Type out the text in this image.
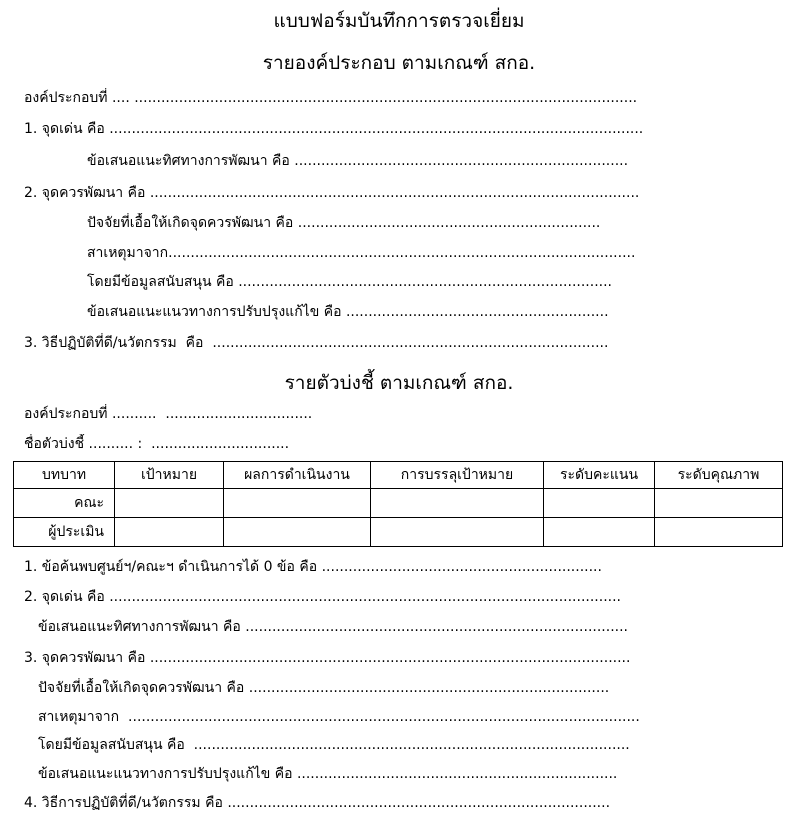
แบบฟอร์มบันทึกการตรวจเยี่ยม
รายองค์ประกอบ ตามเกณฑ์ สกอ.
องค์ประกอบที่ .... .................................................................................................................
1. จุดเด่น คือ ........................................................................................................................
ข้อเสนอแนะทิศทางการพัฒนา คือ ...........................................................................
2. จุดควรพัฒนา คือ ..............................................................................................................
ปัจจัยที่เอื้อให้เกิดจุดควรพัฒนา คือ ....................................................................
สาเหตุมาจาก.........................................................................................................
โดยมีข้อมูลสนับสนุน คือ ....................................................................................
ข้อเสนอแนะแนวทางการปรับปรุงแก้ไข คือ ...........................................................
3. วิธีปฏิบัติที่ดี/นวัตกรรม  คือ  .........................................................................................
รายตัวบ่งชี้ ตามเกณฑ์ สกอ.
องค์ประกอบที่ ..........  .................................
ชื่อตัวบ่งชี้ .......... :  ...............................
บทบาท	เป้าหมาย	ผลการดำเนินงาน	การบรรลุเป้าหมาย	ระดับคะแนน	ระดับคุณภาพ
คณะ					
ผู้ประเมิน					
1. ข้อค้นพบศูนย์ฯ/คณะฯ ดำเนินการได้ 0 ข้อ คือ ...............................................................
2. จุดเด่น คือ ...................................................................................................................
ข้อเสนอแนะทิศทางการพัฒนา คือ ......................................................................................
3. จุดควรพัฒนา คือ ............................................................................................................
ปัจจัยที่เอื้อให้เกิดจุดควรพัฒนา คือ .................................................................................
สาเหตุมาจาก  ...................................................................................................................
โดยมีข้อมูลสนับสนุน คือ  ..................................................................................................
ข้อเสนอแนะแนวทางการปรับปรุงแก้ไข คือ ........................................................................
4. วิธีการปฏิบัติที่ดี/นวัตกรรม คือ ......................................................................................
